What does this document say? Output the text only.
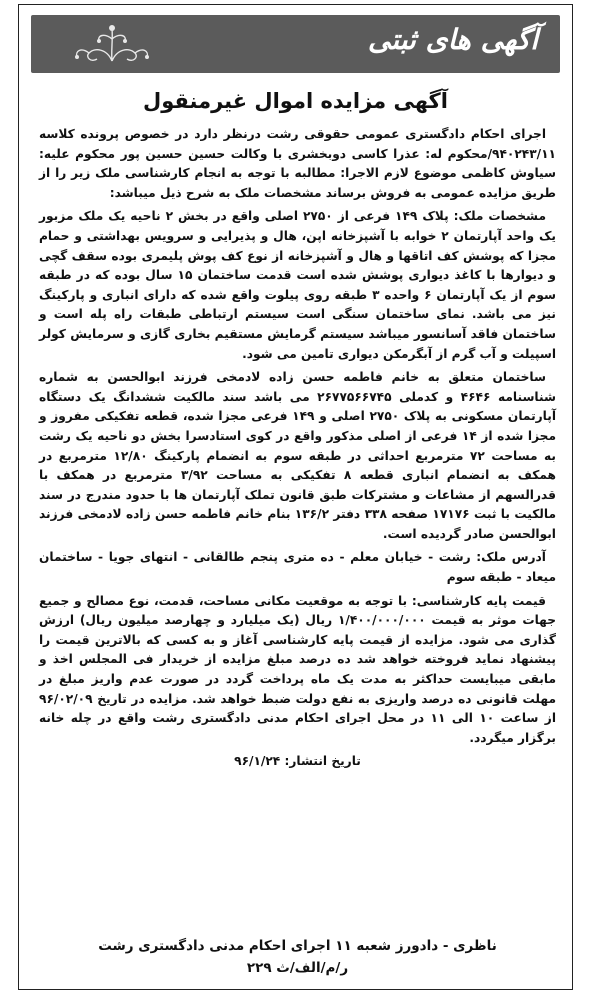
آگهی های ثبتی
آگهی مزایده اموال غیرمنقول

اجرای احکام دادگستری عمومی حقوقی رشت درنظر دارد در خصوص پرونده کلاسه ۹۴۰۲۴۳/۱۱/محکوم له: عذرا کاسی دوبخشری با وکالت حسین حسین پور محکوم علیه: سیاوش کاظمی موضوع لازم الاجرا: مطالبه با توجه به انجام کارشناسی ملک زیر را از طریق مزایده عمومی به فروش برساند مشخصات ملک به شرح ذیل میباشد:

مشخصات ملک: پلاک ۱۴۹ فرعی از ۲۷۵۰ اصلی واقع در بخش ۲ ناحیه یک ملک مزبور یک واحد آپارتمان ۲ خوابه با آشپزخانه اپن، هال و پذیرایی و سرویس بهداشتی و حمام مجزا که پوشش کف اتاقها و هال و آشپزخانه از نوع کف پوش پلیمری بوده سقف گچی و دیوارها با کاغذ دیواری پوشش شده است قدمت ساختمان ۱۵ سال بوده که در طبقه سوم از یک آپارتمان ۶ واحده ۳ طبقه روی پیلوت واقع شده که دارای انباری و پارکینگ نیز می باشد. نمای ساختمان سنگی است سیستم ارتباطی طبقات راه پله است و ساختمان فاقد آسانسور میباشد سیستم گرمایش مستقیم بخاری گازی و سرمایش کولر اسپیلت و آب گرم از آبگرمکن دیواری تامین می شود.

ساختمان متعلق به خانم فاطمه حسن زاده لادمخی فرزند ابوالحسن به شماره شناسنامه ۴۶۴۶ و کدملی ۲۶۷۷۵۶۶۷۴۵ می باشد سند مالکیت ششدانگ یک دستگاه آپارتمان مسکونی به پلاک ۲۷۵۰ اصلی و ۱۴۹ فرعی مجزا شده، قطعه تفکیکی مفروز و مجزا شده از ۱۴ فرعی از اصلی مذکور واقع در کوی استادسرا بخش دو ناحیه یک رشت به مساحت ۷۲ مترمربع احداثی در طبقه سوم به انضمام پارکینگ ۱۲/۸۰ مترمربع در همکف به انضمام انباری قطعه ۸ تفکیکی به مساحت ۳/۹۲ مترمربع در همکف با قدرالسهم از مشاعات و مشترکات طبق قانون تملک آپارتمان ها با حدود مندرج در سند مالکیت با ثبت ۱۷۱۷۶ صفحه ۳۳۸ دفتر ۱۳۶/۲ بنام خانم فاطمه حسن زاده لادمخی فرزند ابوالحسن صادر گردیده است.

آدرس ملک: رشت - خیابان معلم - ده متری پنجم طالقانی - انتهای جویا - ساختمان میعاد - طبقه سوم

قیمت پایه کارشناسی: با توجه به موقعیت مکانی مساحت، قدمت، نوع مصالح و جمیع جهات موثر به قیمت ۱/۴۰۰/۰۰۰/۰۰۰ ریال (یک میلیارد و چهارصد میلیون ریال) ارزش گذاری می شود. مزایده از قیمت پایه کارشناسی آغاز و به کسی که بالاترین قیمت را پیشنهاد نماید فروخته خواهد شد ده درصد مبلغ مزایده از خریدار فی المجلس اخذ و مابقی میبایست حداکثر به مدت یک ماه پرداخت گردد در صورت عدم واریز مبلغ در مهلت قانونی ده درصد واریزی به نفع دولت ضبط خواهد شد. مزایده در تاریخ ۹۶/۰۲/۰۹ از ساعت ۱۰ الی ۱۱ در محل اجرای احکام مدنی دادگستری رشت واقع در چله خانه برگزار میگردد.

تاریخ انتشار: ۹۶/۱/۲۴

ناظری - دادورز شعبه ۱۱ اجرای احکام مدنی دادگستری رشت
ر/م/الف/ث ۲۲۹
